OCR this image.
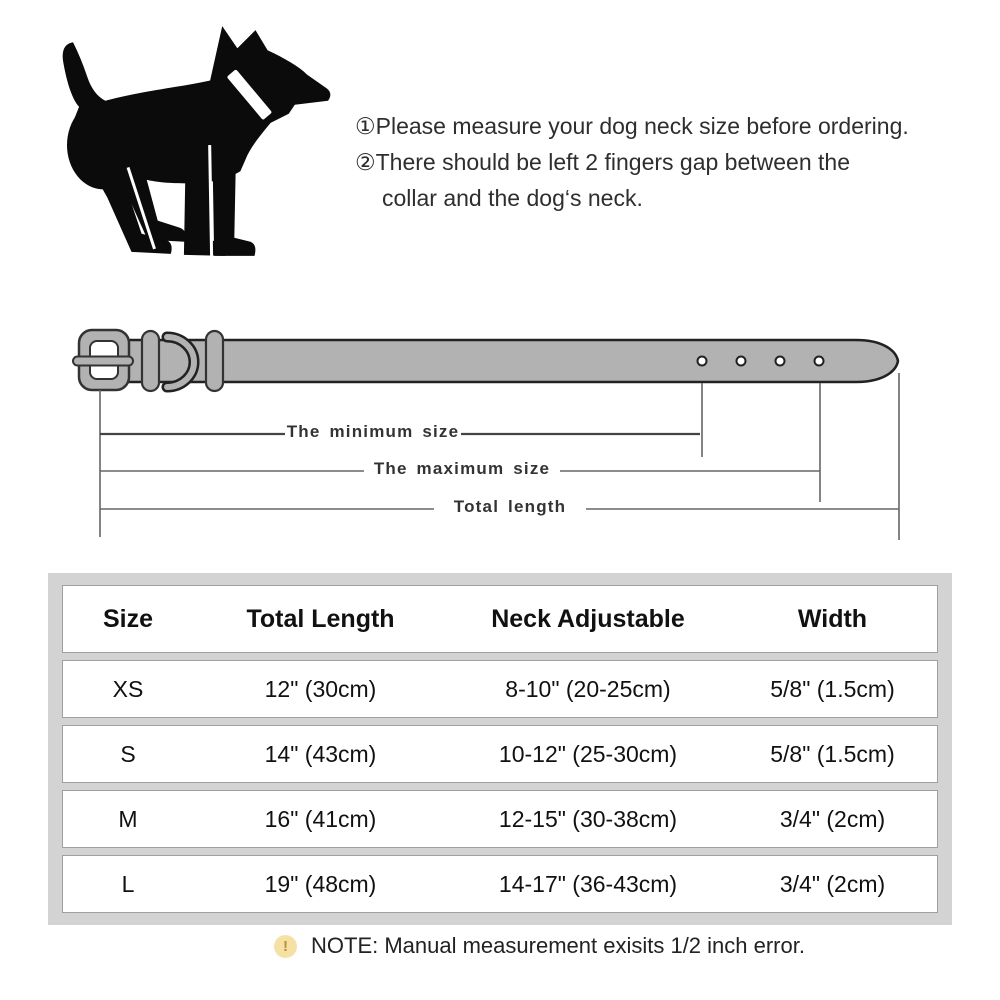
①Please measure your dog neck size before ordering.
②There should be left 2 fingers gap between the collar and the dog‘s neck.
The minimum size
The maximum size
Total length
Size	Total Length	Neck Adjustable	Width
XS	12" (30cm)	8-10" (20-25cm)	5/8" (1.5cm)
S	14" (43cm)	10-12" (25-30cm)	5/8" (1.5cm)
M	16" (41cm)	12-15" (30-38cm)	3/4" (2cm)
L	19" (48cm)	14-17" (36-43cm)	3/4" (2cm)
!	NOTE: Manual measurement exisits 1/2 inch error.
